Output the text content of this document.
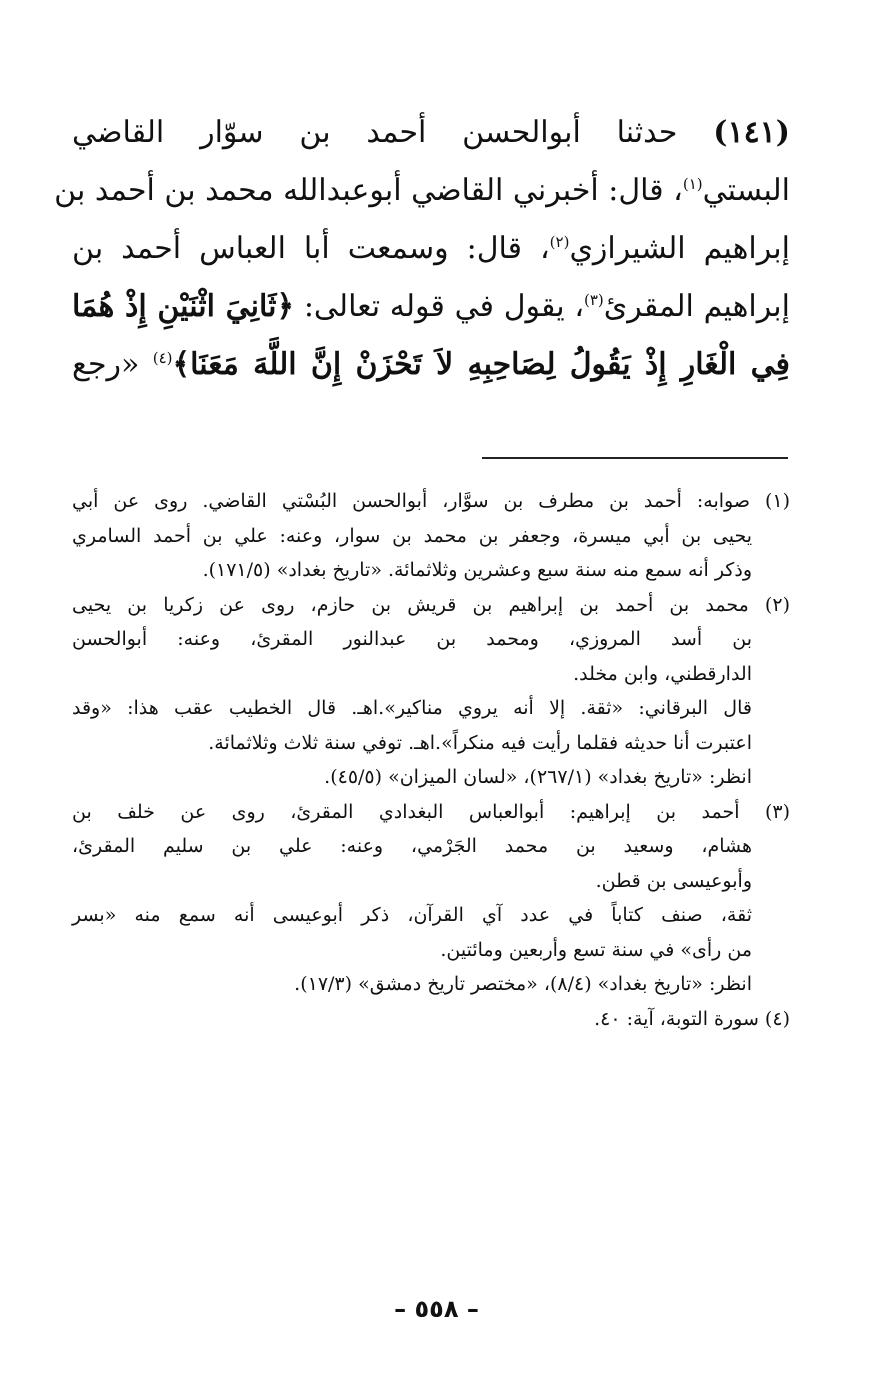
(١٤١) حدثنا أبوالحسن أحمد بن سوّار القاضي
البستي$^{(١)}$، قال: أخبرني القاضي أبوعبدالله محمد بن أحمد بن
إبراهيم الشيرازي$^{(٢)}$، قال: وسمعت أبا العباس أحمد بن
إبراهيم المقرئ$^{(٣)}$، يقول في قوله تعالى: ﴿ثَانِيَ اثْنَيْنِ إِذْ هُمَا
فِي الْغَارِ إِذْ يَقُولُ لِصَاحِبِهِ لاَ تَحْزَنْ إِنَّ اللَّهَ مَعَنَا﴾$^{(٤)}$ «رجع

(١) صوابه: أحمد بن مطرف بن سوَّار، أبوالحسن البُسْتي القاضي. روى عن أبي
يحيى بن أبي ميسرة، وجعفر بن محمد بن سوار، وعنه: علي بن أحمد السامري
وذكر أنه سمع منه سنة سبع وعشرين وثلاثمائة. «تاريخ بغداد» (١٧١/٥).
(٢) محمد بن أحمد بن إبراهيم بن قريش بن حازم، روى عن زكريا بن يحيى
بن أسد المروزي، ومحمد بن عبدالنور المقرئ، وعنه: أبوالحسن
الدارقطني، وابن مخلد.
قال البرقاني: «ثقة. إلا أنه يروي مناكير».اهـ. قال الخطيب عقب هذا: «وقد
اعتبرت أنا حديثه فقلما رأيت فيه منكراً».اهـ. توفي سنة ثلاث وثلاثمائة.
انظر: «تاريخ بغداد» (٢٦٧/١)، «لسان الميزان» (٤٥/٥).
(٣) أحمد بن إبراهيم: أبوالعباس البغدادي المقرئ، روى عن خلف بن
هشام، وسعيد بن محمد الجَرْمي، وعنه: علي بن سليم المقرئ،
وأبوعيسى بن قطن.
ثقة، صنف كتاباً في عدد آي القرآن، ذكر أبوعيسى أنه سمع منه «بسر
من رأى» في سنة تسع وأربعين ومائتين.
انظر: «تاريخ بغداد» (٨/٤)، «مختصر تاريخ دمشق» (١٧/٣).
(٤) سورة التوبة، آية: ٤٠.
– ٥٥٨ –
